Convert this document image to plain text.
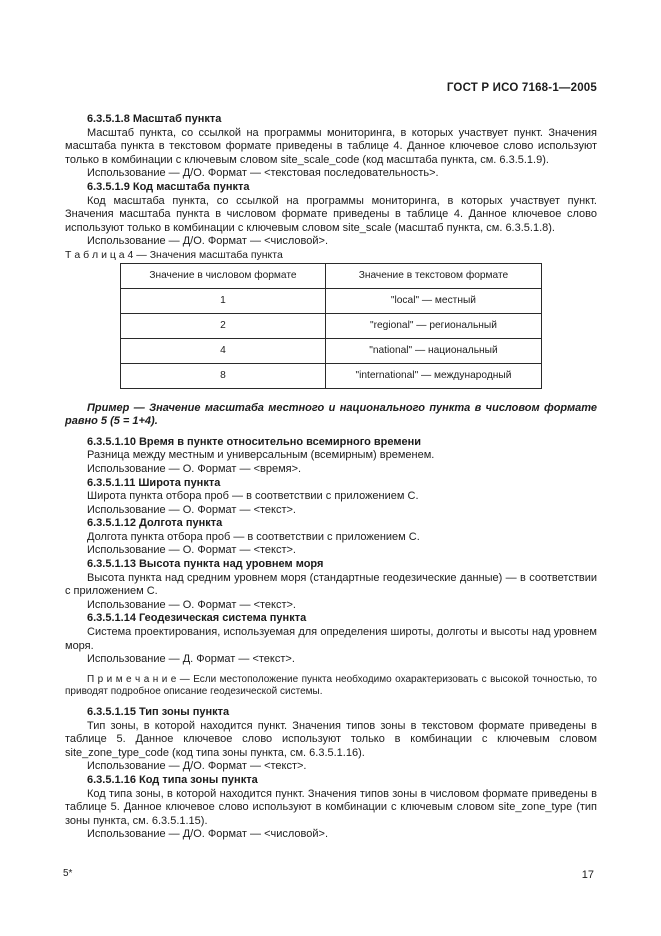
ГОСТ Р ИСО 7168-1—2005

6.3.5.1.8 Масштаб пункта

Масштаб пункта, со ссылкой на программы мониторинга, в которых участвует пункт. Значения масштаба пункта в текстовом формате приведены в таблице 4. Данное ключевое слово используют только в комбинации с ключевым словом site_scale_code (код масштаба пункта, см. 6.3.5.1.9).

Использование — Д/О. Формат — <текстовая последовательность>.

6.3.5.1.9 Код масштаба пункта

Код масштаба пункта, со ссылкой на программы мониторинга, в которых участвует пункт. Значения масштаба пункта в числовом формате приведены в таблице 4. Данное ключевое слово используют только в комбинации с ключевым словом site_scale (масштаб пункта, см. 6.3.5.1.8).

Использование — Д/О. Формат — <числовой>.

Т а б л и ц а 4 — Значения масштаба пункта

Значение в числовом формате	Значение в текстовом формате
1	"local" — местный
2	"regional" — региональный
4	"national" — национальный
8	"international" — международный

Пример — Значение масштаба местного и национального пункта в числовом формате равно 5 (5 = 1+4).

6.3.5.1.10 Время в пункте относительно всемирного времени

Разница между местным и универсальным (всемирным) временем.

Использование — О. Формат — <время>.

6.3.5.1.11 Широта пункта

Широта пункта отбора проб — в соответствии с приложением С.

Использование — О. Формат — <текст>.

6.3.5.1.12 Долгота пункта

Долгота пункта отбора проб — в соответствии с приложением С.

Использование — О. Формат — <текст>.

6.3.5.1.13 Высота пункта над уровнем моря

Высота пункта над средним уровнем моря (стандартные геодезические данные) — в соответствии с приложением С.

Использование — О. Формат — <текст>.

6.3.5.1.14 Геодезическая система пункта

Система проектирования, используемая для определения широты, долготы и высоты над уровнем моря.

Использование — Д. Формат — <текст>.

П р и м е ч а н и е — Если местоположение пункта необходимо охарактеризовать с высокой точностью, то приводят подробное описание геодезической системы.

6.3.5.1.15 Тип зоны пункта

Тип зоны, в которой находится пункт. Значения типов зоны в текстовом формате приведены в таблице 5. Данное ключевое слово используют только в комбинации с ключевым словом site_zone_type_code (код типа зоны пункта, см. 6.3.5.1.16).

Использование — Д/О. Формат — <текст>.

6.3.5.1.16 Код типа зоны пункта

Код типа зоны, в которой находится пункт. Значения типов зоны в числовом формате приведены в таблице 5. Данное ключевое слово используют в комбинации с ключевым словом site_zone_type (тип зоны пункта, см. 6.3.5.1.15).

Использование — Д/О. Формат — <числовой>.

5*	17
